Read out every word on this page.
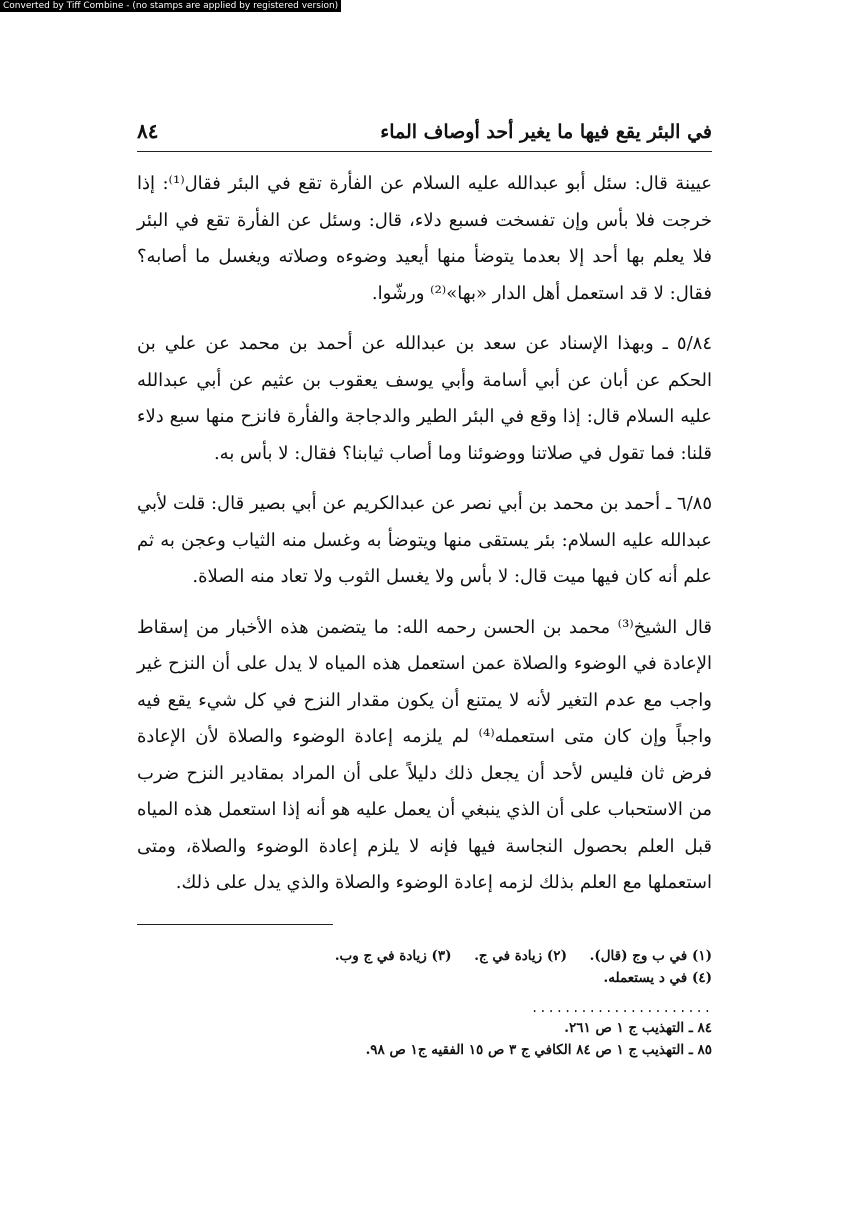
Converted by Tiff Combine - (no stamps are applied by registered version)
في البئر يقع فيها ما يغير أحد أوصاف الماء
٨٤

عيينة قال: سئل أبو عبدالله عليه السلام عن الفأرة تقع في البئر فقال⁽¹⁾: إذا خرجت فلا بأس وإن تفسخت فسبع دلاء، قال: وسئل عن الفأرة تقع في البئر فلا يعلم بها أحد إلا بعدما يتوضأ منها أيعيد وضوءه وصلاته ويغسل ما أصابه؟ فقال: لا قد استعمل أهل الدار «بها»⁽²⁾ ورشّوا.

٥/٨٤ ـ وبهذا الإسناد عن سعد بن عبدالله عن أحمد بن محمد عن علي بن الحكم عن أبان عن أبي أسامة وأبي يوسف يعقوب بن عثيم عن أبي عبدالله عليه السلام قال: إذا وقع في البئر الطير والدجاجة والفأرة فانزح منها سبع دلاء قلنا: فما تقول في صلاتنا ووضوئنا وما أصاب ثيابنا؟ فقال: لا بأس به.

٦/٨٥ ـ أحمد بن محمد بن أبي نصر عن عبدالكريم عن أبي بصير قال: قلت لأبي عبدالله عليه السلام: بئر يستقى منها ويتوضأ به وغسل منه الثياب وعجن به ثم علم أنه كان فيها ميت قال: لا بأس ولا يغسل الثوب ولا تعاد منه الصلاة.

قال الشيخ⁽³⁾ محمد بن الحسن رحمه الله: ما يتضمن هذه الأخبار من إسقاط الإعادة في الوضوء والصلاة عمن استعمل هذه المياه لا يدل على أن النزح غير واجب مع عدم التغير لأنه لا يمتنع أن يكون مقدار النزح في كل شيء يقع فيه واجباً وإن كان متى استعمله⁽⁴⁾ لم يلزمه إعادة الوضوء والصلاة لأن الإعادة فرض ثان فليس لأحد أن يجعل ذلك دليلاً على أن المراد بمقادير النزح ضرب من الاستحباب على أن الذي ينبغي أن يعمل عليه هو أنه إذا استعمل هذه المياه قبل العلم بحصول النجاسة فيها فإنه لا يلزم إعادة الوضوء والصلاة، ومتى استعملها مع العلم بذلك لزمه إعادة الوضوء والصلاة والذي يدل على ذلك.

(١) في ب وج (قال). (٢) زيادة في ج. (٣) زيادة في ج وب.
(٤) في د يستعمله.
......................
٨٤ ـ التهذيب ج ١ ص ٢٦١.
٨٥ ـ التهذيب ج ١ ص ٨٤ الكافي ج ٣ ص ١٥ الفقيه ج١ ص ٩٨.
